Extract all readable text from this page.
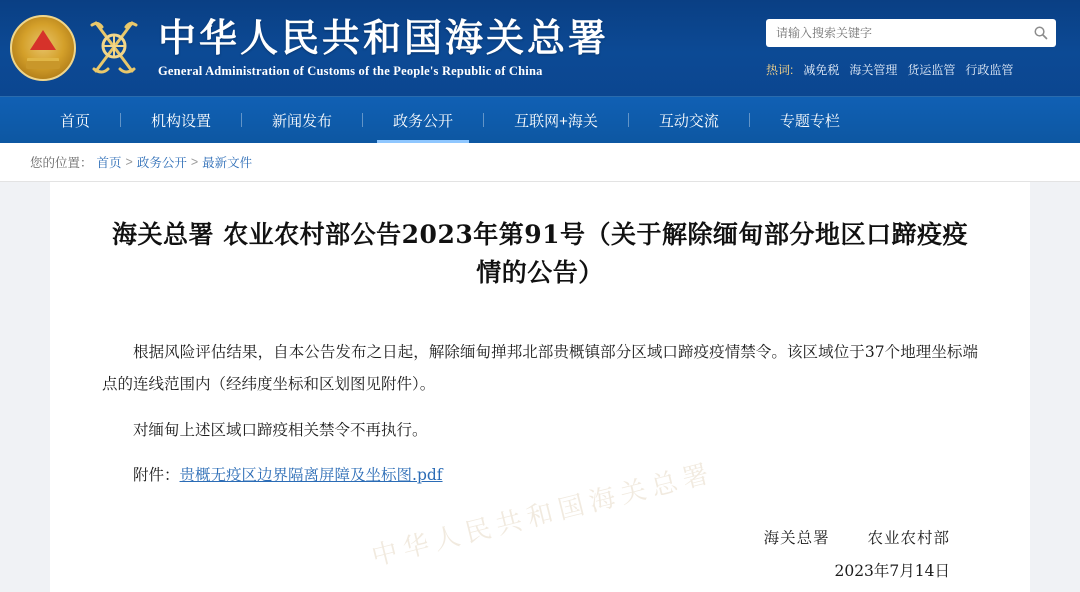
中华人民共和国海关总署
General Administration of Customs of the People's Republic of China
请输入搜索关键字	热词: 减免税 海关管理 货运监管 行政监管
首页	机构设置	新闻发布	政务公开	互联网+海关	互动交流	专题专栏
您的位置： 首页 > 政务公开 > 最新文件
中华人民共和国海关总署
海关总署 农业农村部公告2023年第91号（关于解除缅甸部分地区口蹄疫疫情的公告）

根据风险评估结果，自本公告发布之日起，解除缅甸掸邦北部贵概镇部分区域口蹄疫疫情禁令。该区域位于37个地理坐标端点的连线范围内（经纬度坐标和区划图见附件）。

对缅甸上述区域口蹄疫相关禁令不再执行。

附件：贵概无疫区边界隔离屏障及坐标图.pdf

海关总署 农业农村部
2023年7月14日
